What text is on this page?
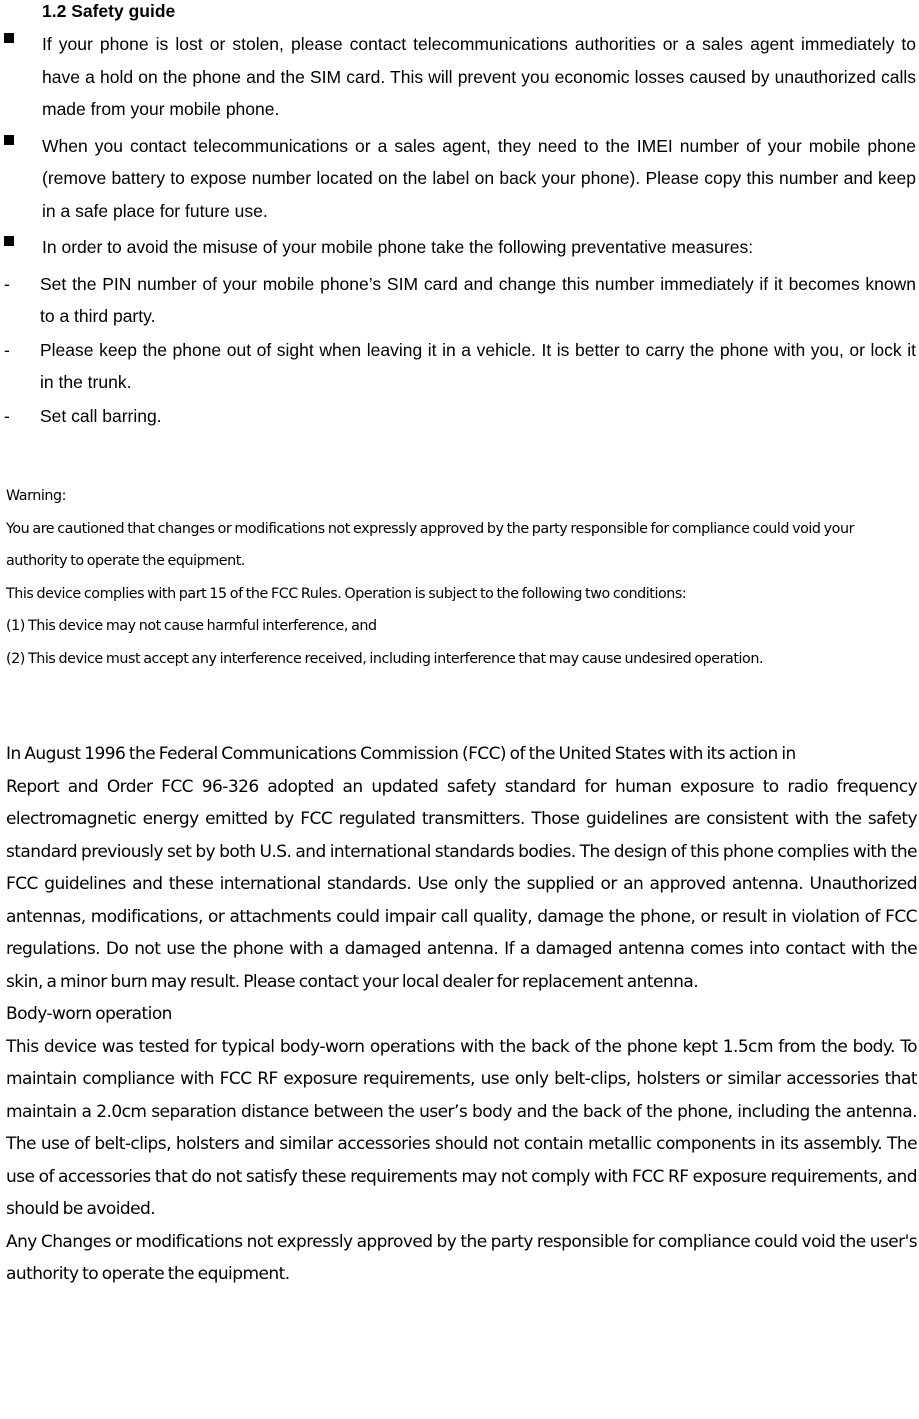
1.2 Safety guide
If your phone is lost or stolen, please contact telecommunications authorities or a sales agent immediately to have a hold on the phone and the SIM card. This will prevent you economic losses caused by unauthorized calls made from your mobile phone.
When you contact telecommunications or a sales agent, they need to the IMEI number of your mobile phone (remove battery to expose number located on the label on back your phone). Please copy this number and keep in a safe place for future use.
In order to avoid the misuse of your mobile phone take the following preventative measures:
- Set the PIN number of your mobile phone’s SIM card and change this number immediately if it becomes known to a third party.
- Please keep the phone out of sight when leaving it in a vehicle. It is better to carry the phone with you, or lock it in the trunk.
- Set call barring.

Warning:

You are cautioned that changes or modifications not expressly approved by the party responsible for compliance could void your authority to operate the equipment.

This device complies with part 15 of the FCC Rules. Operation is subject to the following two conditions:

(1) This device may not cause harmful interference, and

(2) This device must accept any interference received, including interference that may cause undesired operation.

In August 1996 the Federal Communications Commission (FCC) of the United States with its action in

Report and Order FCC 96-326 adopted an updated safety standard for human exposure to radio frequency electromagnetic energy emitted by FCC regulated transmitters. Those guidelines are consistent with the safety standard previously set by both U.S. and international standards bodies. The design of this phone complies with the FCC guidelines and these international standards. Use only the supplied or an approved antenna. Unauthorized antennas, modifications, or attachments could impair call quality, damage the phone, or result in violation of FCC regulations. Do not use the phone with a damaged antenna. If a damaged antenna comes into contact with the skin, a minor burn may result. Please contact your local dealer for replacement antenna.

Body-worn operation

This device was tested for typical body-worn operations with the back of the phone kept 1.5cm from the body. To maintain compliance with FCC RF exposure requirements, use only belt-clips, holsters or similar accessories that maintain a 2.0cm separation distance between the user’s body and the back of the phone, including the antenna. The use of belt-clips, holsters and similar accessories should not contain metallic components in its assembly. The use of accessories that do not satisfy these requirements may not comply with FCC RF exposure requirements, and should be avoided.

Any Changes or modifications not expressly approved by the party responsible for compliance could void the user's authority to operate the equipment.
